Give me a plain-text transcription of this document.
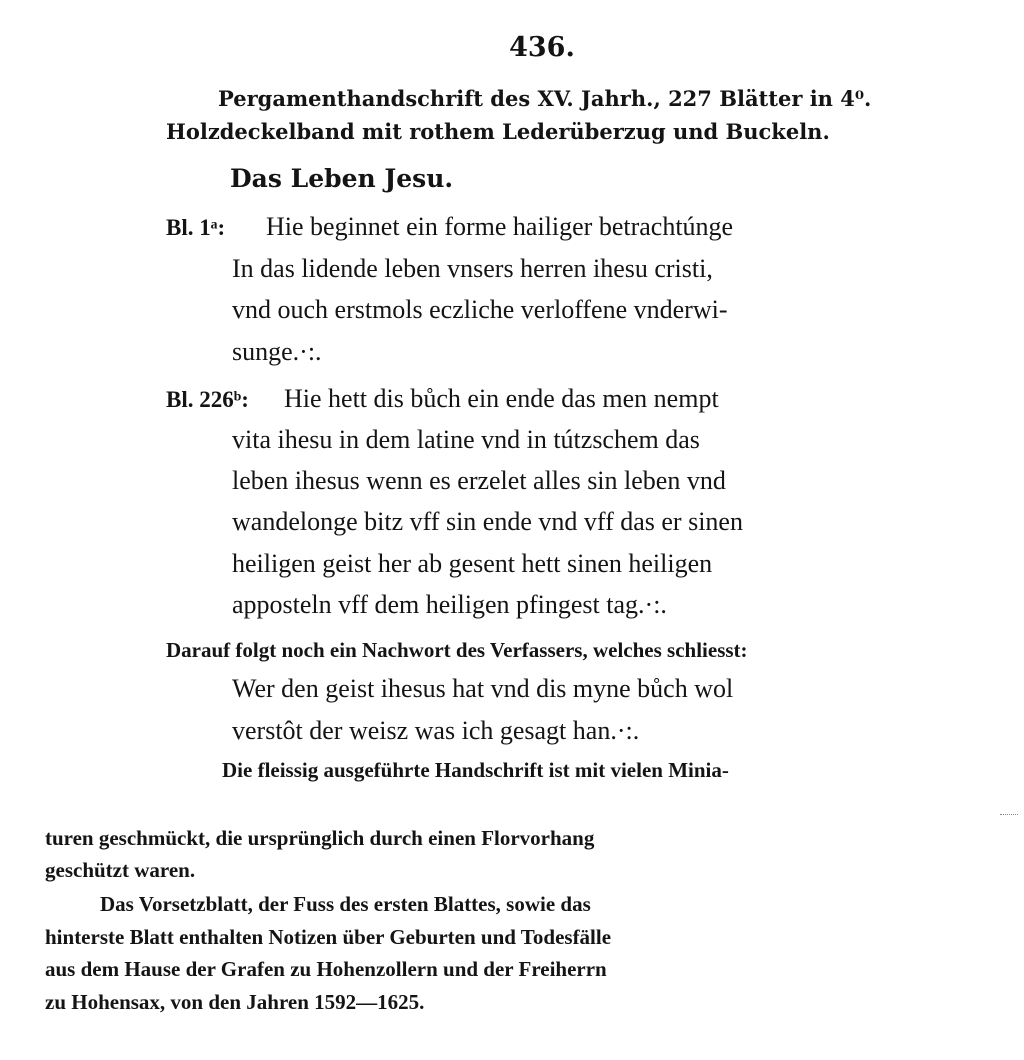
436.
Pergamenthandschrift des XV. Jahrh., 227 Blätter in 4⁰.
Holzdeckelband mit rothem Lederüberzug und Buckeln.
Das Leben Jesu.
Bl. 1ᵃ: Hie beginnet ein forme hailiger betrachtúnge
In das lidende leben vnsers herren ihesu cristi,
vnd ouch erstmols eczliche verloffene vnderwi-
sunge.·:.
Bl. 226ᵇ: Hie hett dis bůch ein ende das men nempt
vita ihesu in dem latine vnd in tútzschem das
leben ihesus wenn es erzelet alles sin leben vnd
wandelonge bitz vff sin ende vnd vff das er sinen
heiligen geist her ab gesent hett sinen heiligen
apposteln vff dem heiligen pfingest tag.·:.
Darauf folgt noch ein Nachwort des Verfassers, welches schliesst:
Wer den geist ihesus hat vnd dis myne bůch wol
verstôt der weisz was ich gesagt han.·:.
Die fleissig ausgeführte Handschrift ist mit vielen Minia-
turen geschmückt, die ursprünglich durch einen Florvorhang
geschützt waren.
Das Vorsetzblatt, der Fuss des ersten Blattes, sowie das
hinterste Blatt enthalten Notizen über Geburten und Todesfälle
aus dem Hause der Grafen zu Hohenzollern und der Freiherrn
zu Hohensax, von den Jahren 1592—1625.
